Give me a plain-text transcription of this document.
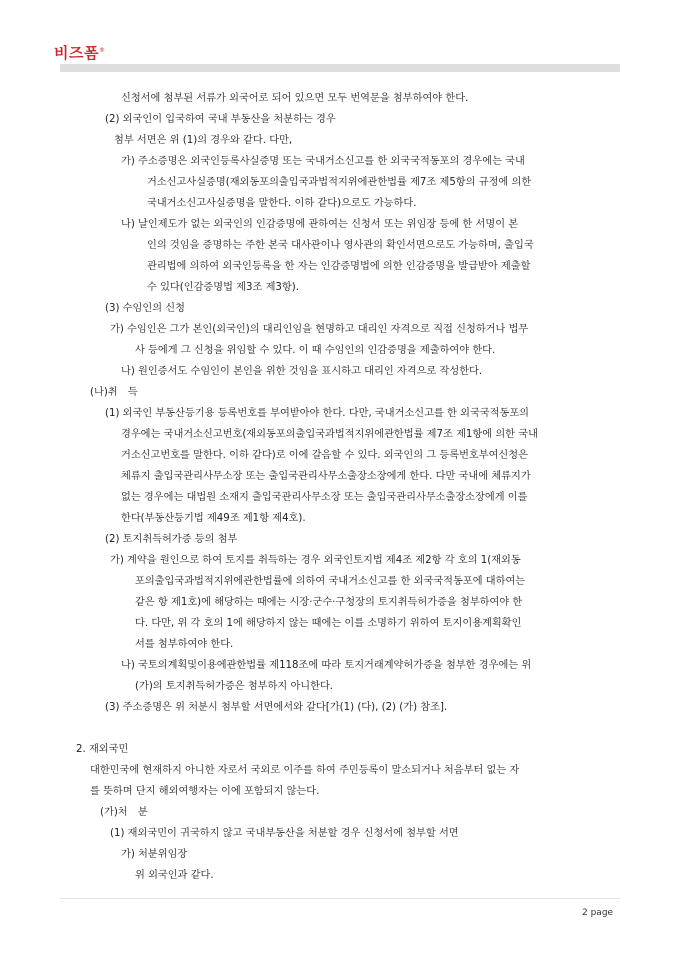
비즈폼®
신청서에 첨부된 서류가 외국어로 되어 있으면 모두 번역문을 첨부하여야 한다.
(2) 외국인이 입국하여 국내 부동산을 처분하는 경우
첨부 서면은 위 (1)의 경우와 같다. 다만,
가) 주소증명은 외국인등록사실증명 또는 국내거소신고를 한 외국국적동포의 경우에는 국내
거소신고사실증명(재외동포의출입국과법적지위에관한법률 제7조 제5항의 규정에 의한
국내거소신고사실증명을 말한다. 이하 같다)으로도 가능하다.
나) 날인제도가 없는 외국인의 인감증명에 관하여는 신청서 또는 위임장 등에 한 서명이 본
인의 것임을 증명하는 주한 본국 대사관이나 영사관의 확인서면으로도 가능하며, 출입국
관리법에 의하여 외국인등록을 한 자는 인감증명법에 의한 인감증명을 발급받아 제출할
수 있다(인감증명법 제3조 제3항).
(3) 수임인의 신청
가) 수임인은 그가 본인(외국인)의 대리인임을 현명하고 대리인 자격으로 직접 신청하거나 법무
사 등에게 그 신청을 위임할 수 있다. 이 때 수임인의 인감증명을 제출하여야 한다.
나) 원인증서도 수임인이 본인을 위한 것임을 표시하고 대리인 자격으로 작성한다.
(나)취　득
(1) 외국인 부동산등기용 등록번호를 부여받아야 한다. 다만, 국내거소신고를 한 외국국적동포의
경우에는 국내거소신고번호(재외동포의출입국과법적지위에관한법률 제7조 제1항에 의한 국내
거소신고번호를 말한다. 이하 같다)로 이에 갈음할 수 있다. 외국인의 그 등록번호부여신청은
체류지 출입국관리사무소장 또는 출입국관리사무소출장소장에게 한다. 다만 국내에 체류지가
없는 경우에는 대법원 소재지 출입국관리사무소장 또는 출입국관리사무소출장소장에게 이를
한다(부동산등기법 제49조 제1항 제4호).
(2) 토지취득허가증 등의 첨부
가) 계약을 원인으로 하여 토지를 취득하는 경우 외국인토지법 제4조 제2항 각 호의 1(재외동
포의출입국과법적지위에관한법률에 의하여 국내거소신고를 한 외국국적동포에 대하여는
같은 항 제1호)에 해당하는 때에는 시장·군수·구청장의 토지취득허가증을 첨부하여야 한
다. 다만, 위 각 호의 1에 해당하지 않는 때에는 이를 소명하기 위하여 토지이용계획확인
서를 첨부하여야 한다.
나) 국토의계획및이용에관한법률 제118조에 따라 토지거래계약허가증을 첨부한 경우에는 위
(가)의 토지취득허가증은 첨부하지 아니한다.
(3) 주소증명은 위 처분시 첨부할 서면에서와 같다[가(1) (다), (2) (가) 참조].
2. 재외국민
대한민국에 현재하지 아니한 자로서 국외로 이주를 하여 주민등록이 말소되거나 처음부터 없는 자
를 뜻하며 단지 해외여행자는 이에 포함되지 않는다.
(가)처　분
(1) 재외국민이 귀국하지 않고 국내부동산을 처분할 경우 신청서에 첨부할 서면
가) 처분위임장
위 외국인과 같다.
2 page
